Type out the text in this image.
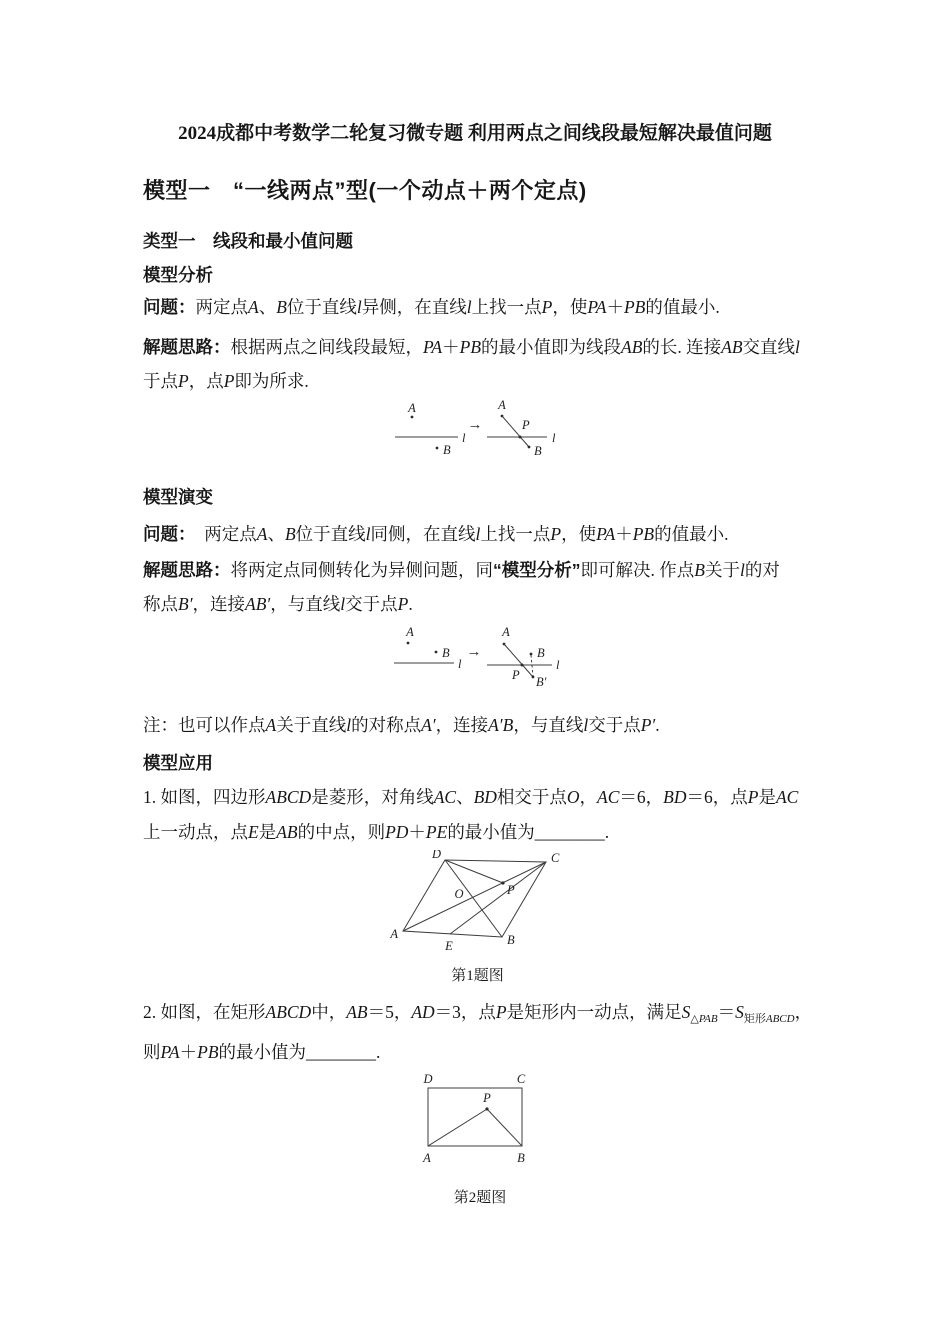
2024成都中考数学二轮复习微专题 利用两点之间线段最短解决最值问题
模型一　“一线两点”型(一个动点＋两个定点)
类型一　线段和最小值问题
模型分析
问题：两定点A、B位于直线l异侧，在直线l上找一点P，使PA＋PB的值最小.
解题思路：根据两点之间线段最短，PA＋PB的最小值即为线段AB的长. 连接AB交直线l
于点P，点P即为所求.
A
l
B
→
A
l
P
B
模型演变
问题：　两定点A、B位于直线l同侧，在直线l上找一点P，使PA＋PB的值最小.
解题思路：将两定点同侧转化为异侧问题，同“模型分析”即可解决. 作点B关于l的对
称点B′，连接AB′，与直线l交于点P.
A
B
l
→
A
l
P
B
B′
注：也可以作点A关于直线l的对称点A′，连接A′B，与直线l交于点P′.
模型应用
1. 如图，四边形ABCD是菱形，对角线AC、BD相交于点O，AC＝6，BD＝6，点P是AC
上一动点，点E是AB的中点，则PD＋PE的最小值为________.
A	B
C
D
E
O	P
第1题图
2. 如图，在矩形ABCD中，AB＝5，AD＝3，点P是矩形内一动点，满足$S_{\triangle PAB}=S_{矩形ABCD}$，
则PA＋PB的最小值为________.
P
D	C
A	B
第2题图
